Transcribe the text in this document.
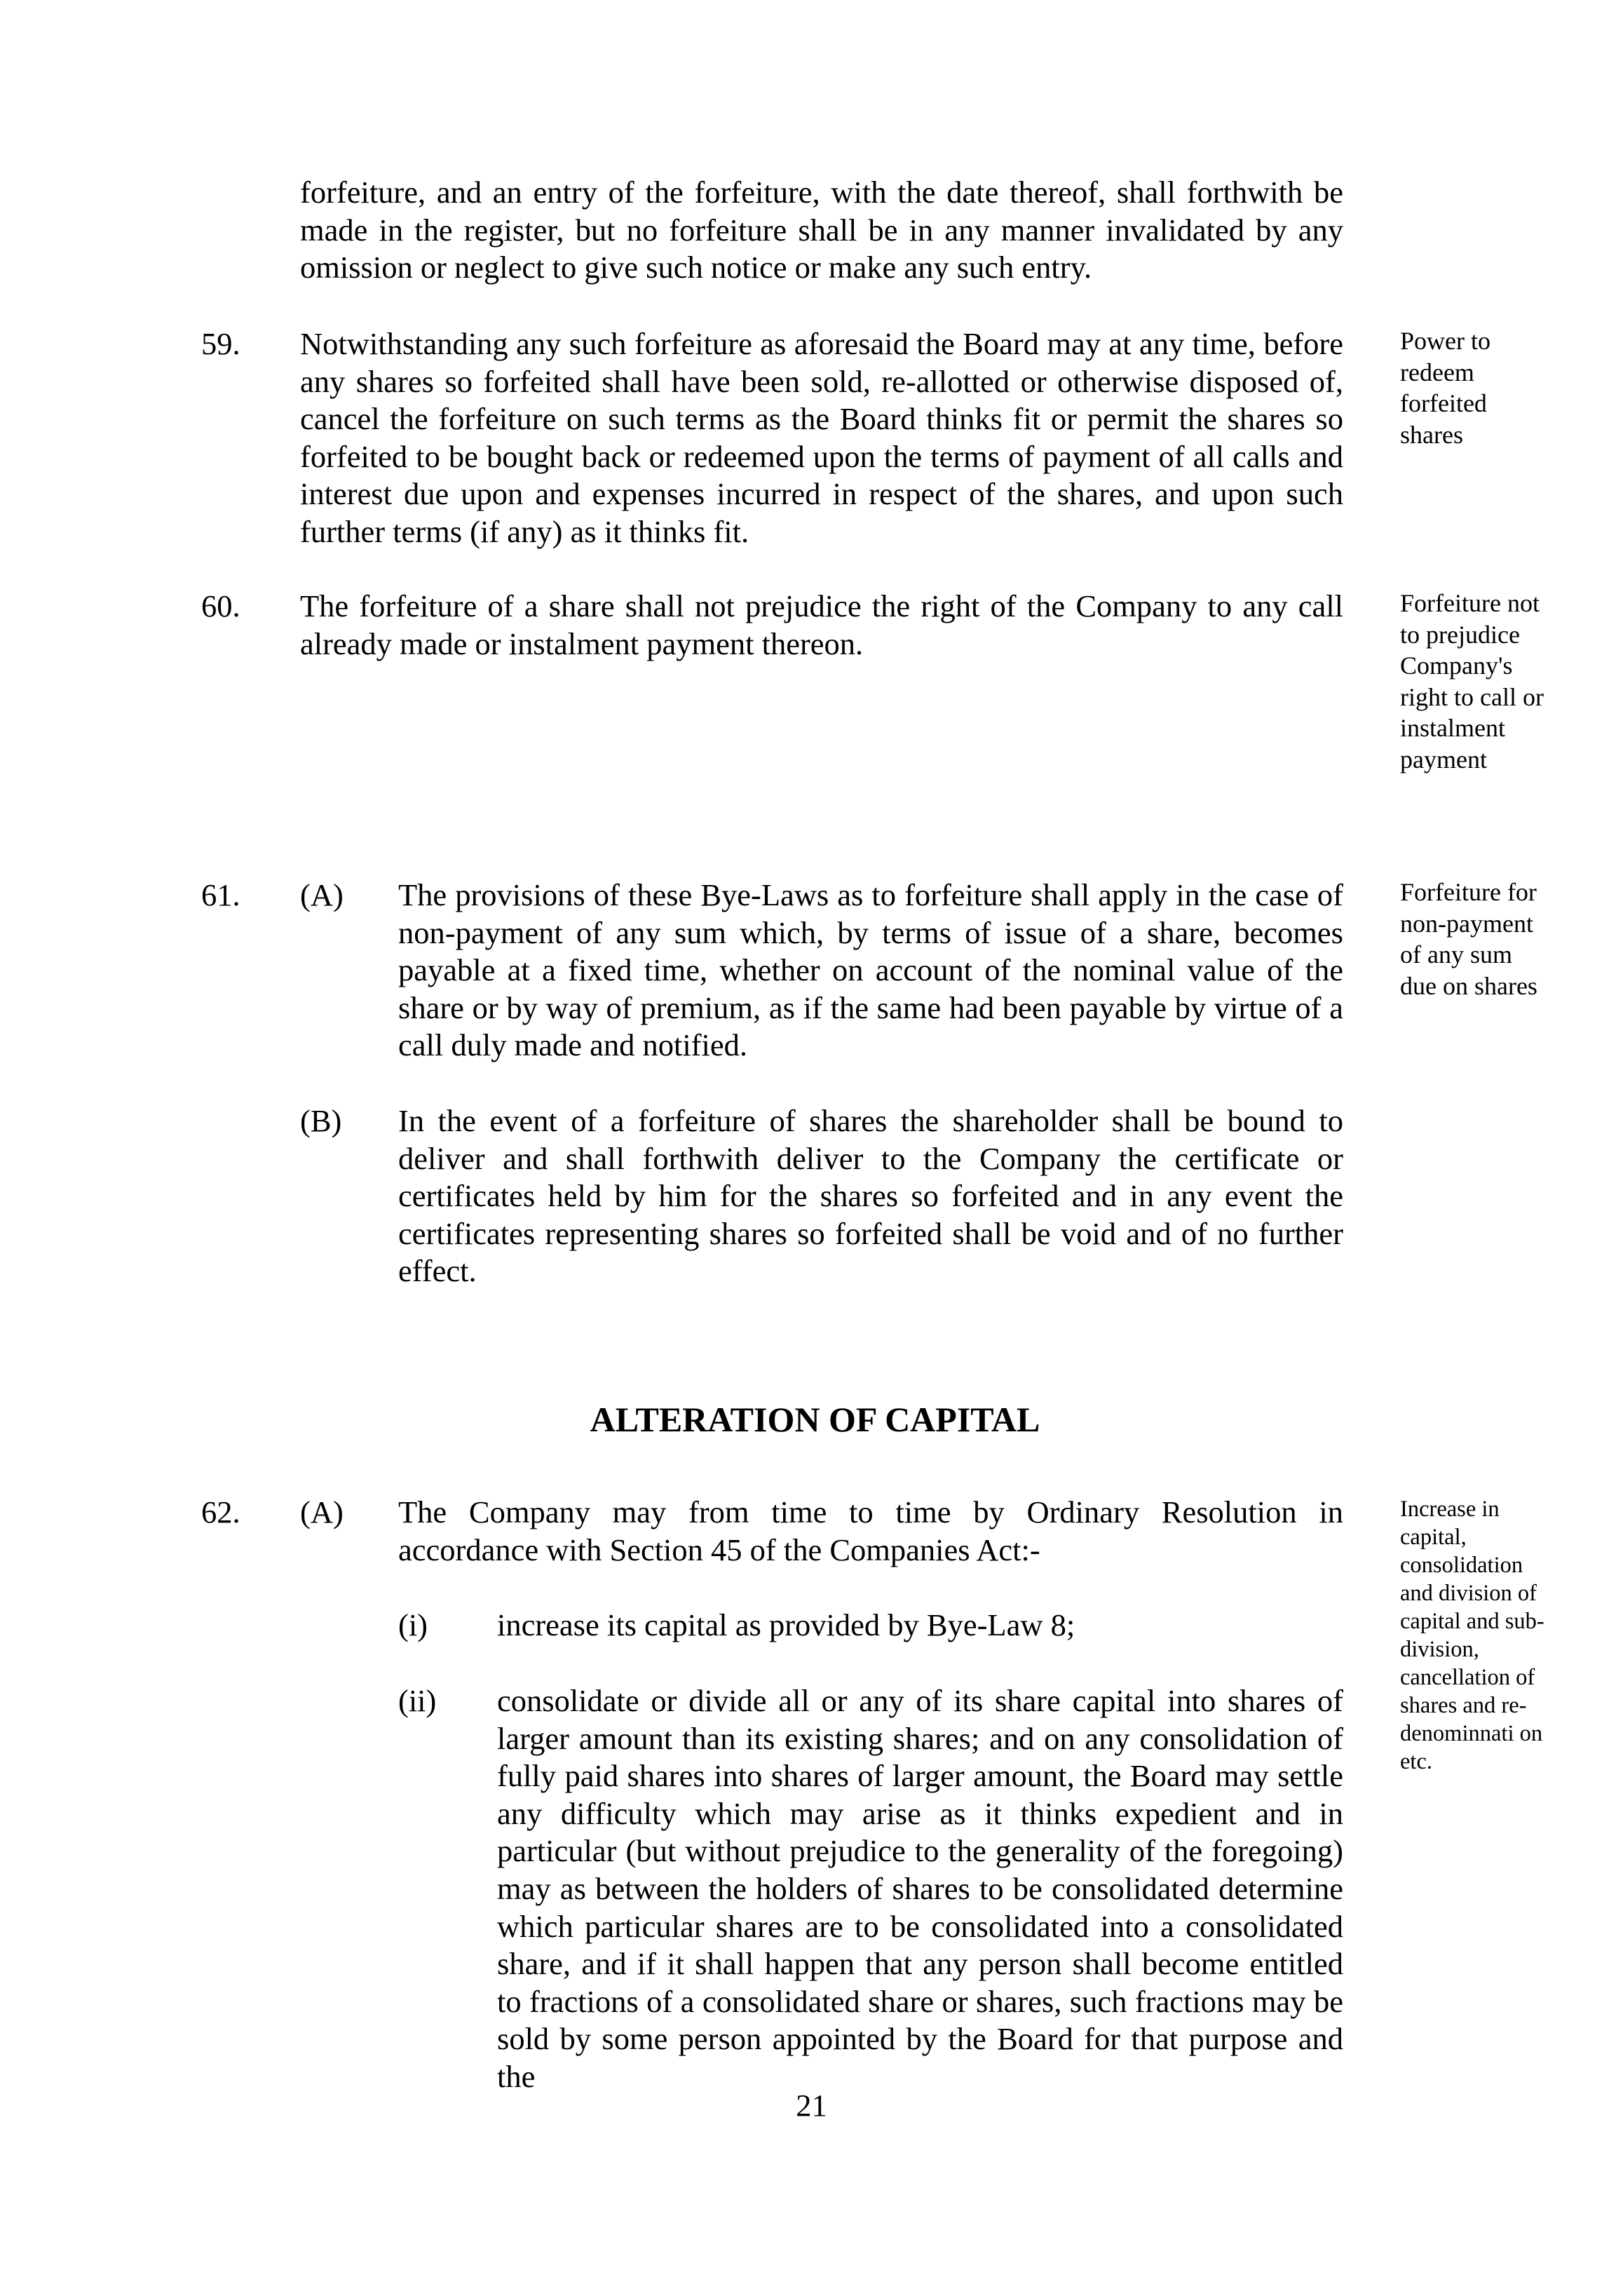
forfeiture, and an entry of the forfeiture, with the date thereof, shall forthwith be made in the register, but no forfeiture shall be in any manner invalidated by any omission or neglect to give such notice or make any such entry.
59. Notwithstanding any such forfeiture as aforesaid the Board may at any time, before any shares so forfeited shall have been sold, re-allotted or otherwise disposed of, cancel the forfeiture on such terms as the Board thinks fit or permit the shares so forfeited to be bought back or redeemed upon the terms of payment of all calls and interest due upon and expenses incurred in respect of the shares, and upon such further terms (if any) as it thinks fit.
Power to redeem forfeited shares
60. The forfeiture of a share shall not prejudice the right of the Company to any call already made or instalment payment thereon.
Forfeiture not to prejudice Company's right to call or instalment payment
61. (A) The provisions of these Bye-Laws as to forfeiture shall apply in the case of non-payment of any sum which, by terms of issue of a share, becomes payable at a fixed time, whether on account of the nominal value of the share or by way of premium, as if the same had been payable by virtue of a call duly made and notified.
Forfeiture for non-payment of any sum due on shares
(B) In the event of a forfeiture of shares the shareholder shall be bound to deliver and shall forthwith deliver to the Company the certificate or certificates held by him for the shares so forfeited and in any event the certificates representing shares so forfeited shall be void and of no further effect.
ALTERATION OF CAPITAL
62. (A) The Company may from time to time by Ordinary Resolution in accordance with Section 45 of the Companies Act:-
Increase in capital, consolidation and division of capital and sub-division, cancellation of shares and re-denominnati on etc.
(i) increase its capital as provided by Bye-Law 8;
(ii) consolidate or divide all or any of its share capital into shares of larger amount than its existing shares; and on any consolidation of fully paid shares into shares of larger amount, the Board may settle any difficulty which may arise as it thinks expedient and in particular (but without prejudice to the generality of the foregoing) may as between the holders of shares to be consolidated determine which particular shares are to be consolidated into a consolidated share, and if it shall happen that any person shall become entitled to fractions of a consolidated share or shares, such fractions may be sold by some person appointed by the Board for that purpose and the
21
